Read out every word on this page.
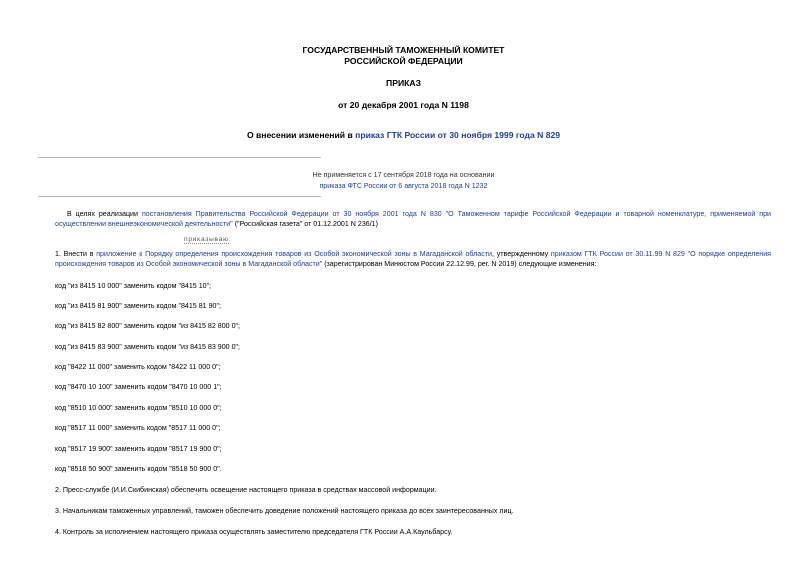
ГОСУДАРСТВЕННЫЙ ТАМОЖЕННЫЙ КОМИТЕТ
РОССИЙСКОЙ ФЕДЕРАЦИИ
ПРИКАЗ
от 20 декабря 2001 года N 1198
О внесении изменений в приказ ГТК России от 30 ноября 1999 года N 829
Не применяется с 17 сентября 2018 года на основании
приказа ФТС России от 6 августа 2018 года N 1232
В целях реализации постановления Правительства Российской Федерации от 30 ноября 2001 года N 830 "О Таможенном тарифе Российской Федерации и товарной номенклатуре, применяемой при осуществлении внешнеэкономической деятельности" ("Российская газета" от 01.12.2001 N 236/1)
приказываю:
1. Внести в приложение к Порядку определения происхождения товаров из Особой экономической зоны в Магаданской области, утвержденному приказом ГТК России от 30.11.99 N 829 "О порядке определения происхождения товаров из Особой экономической зоны в Магаданской области" (зарегистрирован Минюстом России 22.12.99, рег. N 2019) следующие изменения:
код "из 8415 10 000" заменить кодом "8415 10";
код "из 8415 81 900" заменить кодом "8415 81 90";
код "из 8415 82 800" заменить кодом "из 8415 82 800 0";
код "из 8415 83 900" заменить кодом "из 8415 83 900 0";
код "8422 11 000" заменить кодом "8422 11 000 0";
код "8470 10 100" заменить кодом "8470 10 000 1";
код "8510 10 000" заменить кодом "8510 10 000 0";
код "8517 11 000" заменить кодом "8517 11 000 0";
код "8517 19 900" заменить кодом "8517 19 900 0";
код "8518 50 900" заменить кодом "8518 50 900 0".
2. Пресс-службе (И.И.Скибинская) обеспечить освещение настоящего приказа в средствах массовой информации.
3. Начальникам таможенных управлений, таможен обеспечить доведение положений настоящего приказа до всех заинтересованных лиц.
4. Контроль за исполнением настоящего приказа осуществлять заместителю председателя ГТК России А.А.Каульбарсу.
